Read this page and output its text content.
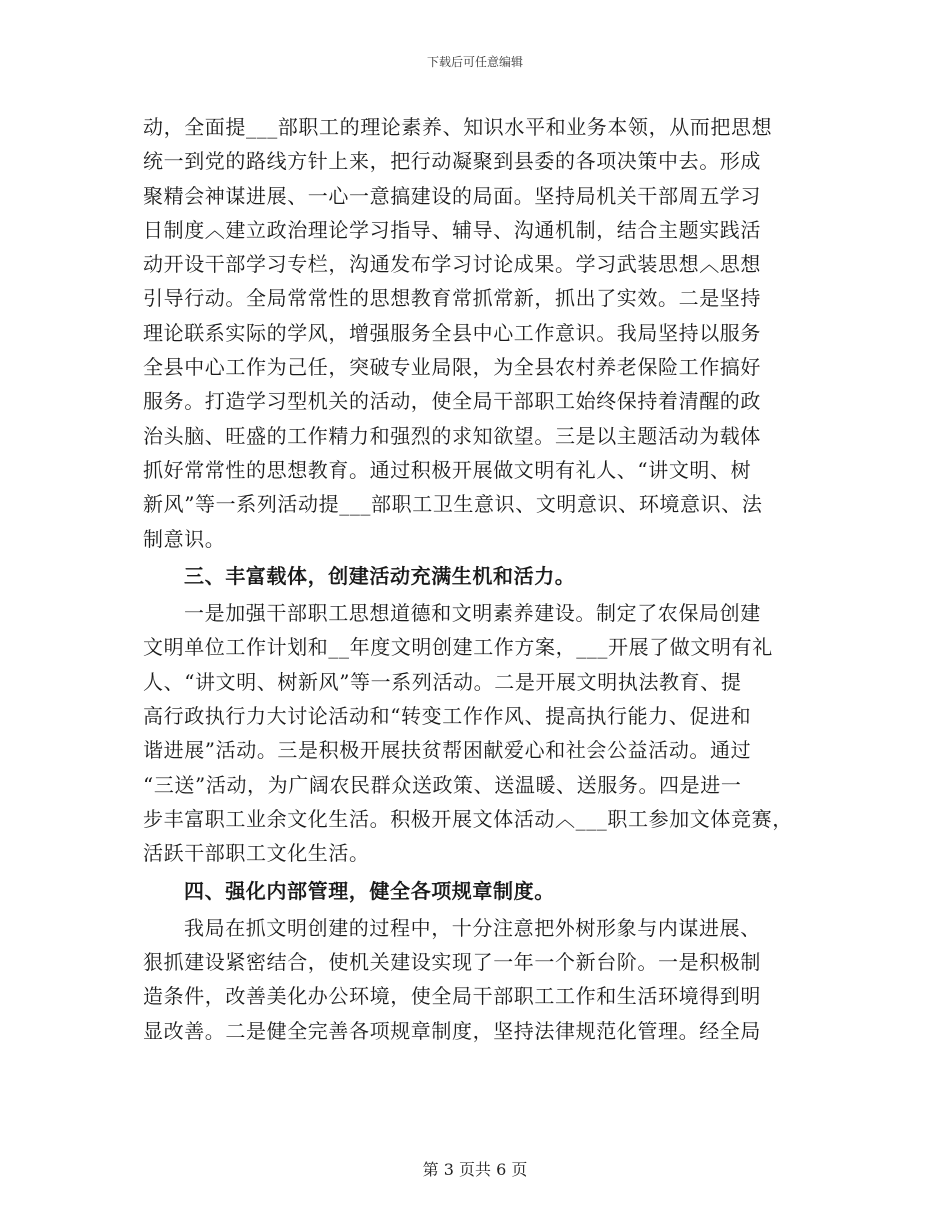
下载后可任意编辑

动，全面提___部职工的理论素养、知识水平和业务本领，从而把思想
统一到党的路线方针上来，把行动凝聚到县委的各项决策中去。形成
聚精会神谋进展、一心一意搞建设的局面。坚持局机关干部周五学习
日制度︿建立政治理论学习指导、辅导、沟通机制，结合主题实践活
动开设干部学习专栏，沟通发布学习讨论成果。学习武装思想︿思想
引导行动。全局常常性的思想教育常抓常新，抓出了实效。二是坚持
理论联系实际的学风，增强服务全县中心工作意识。我局坚持以服务
全县中心工作为己任，突破专业局限，为全县农村养老保险工作搞好
服务。打造学习型机关的活动，使全局干部职工始终保持着清醒的政
治头脑、旺盛的工作精力和强烈的求知欲望。三是以主题活动为载体
抓好常常性的思想教育。通过积极开展做文明有礼人、“讲文明、树
新风”等一系列活动提___部职工卫生意识、文明意识、环境意识、法
制意识。

三、丰富载体，创建活动充满生机和活力。

一是加强干部职工思想道德和文明素养建设。制定了农保局创建
文明单位工作计划和__年度文明创建工作方案，___开展了做文明有礼
人、“讲文明、树新风”等一系列活动。二是开展文明执法教育、提
高行政执行力大讨论活动和“转变工作作风、提高执行能力、促进和
谐进展”活动。三是积极开展扶贫帮困献爱心和社会公益活动。通过
“三送”活动，为广阔农民群众送政策、送温暖、送服务。四是进一
步丰富职工业余文化生活。积极开展文体活动︿___职工参加文体竞赛，
活跃干部职工文化生活。

四、强化内部管理，健全各项规章制度。

我局在抓文明创建的过程中，十分注意把外树形象与内谋进展、
狠抓建设紧密结合，使机关建设实现了一年一个新台阶。一是积极制
造条件，改善美化办公环境，使全局干部职工工作和生活环境得到明
显改善。二是健全完善各项规章制度，坚持法律规范化管理。经全局

第 3 页共 6 页
